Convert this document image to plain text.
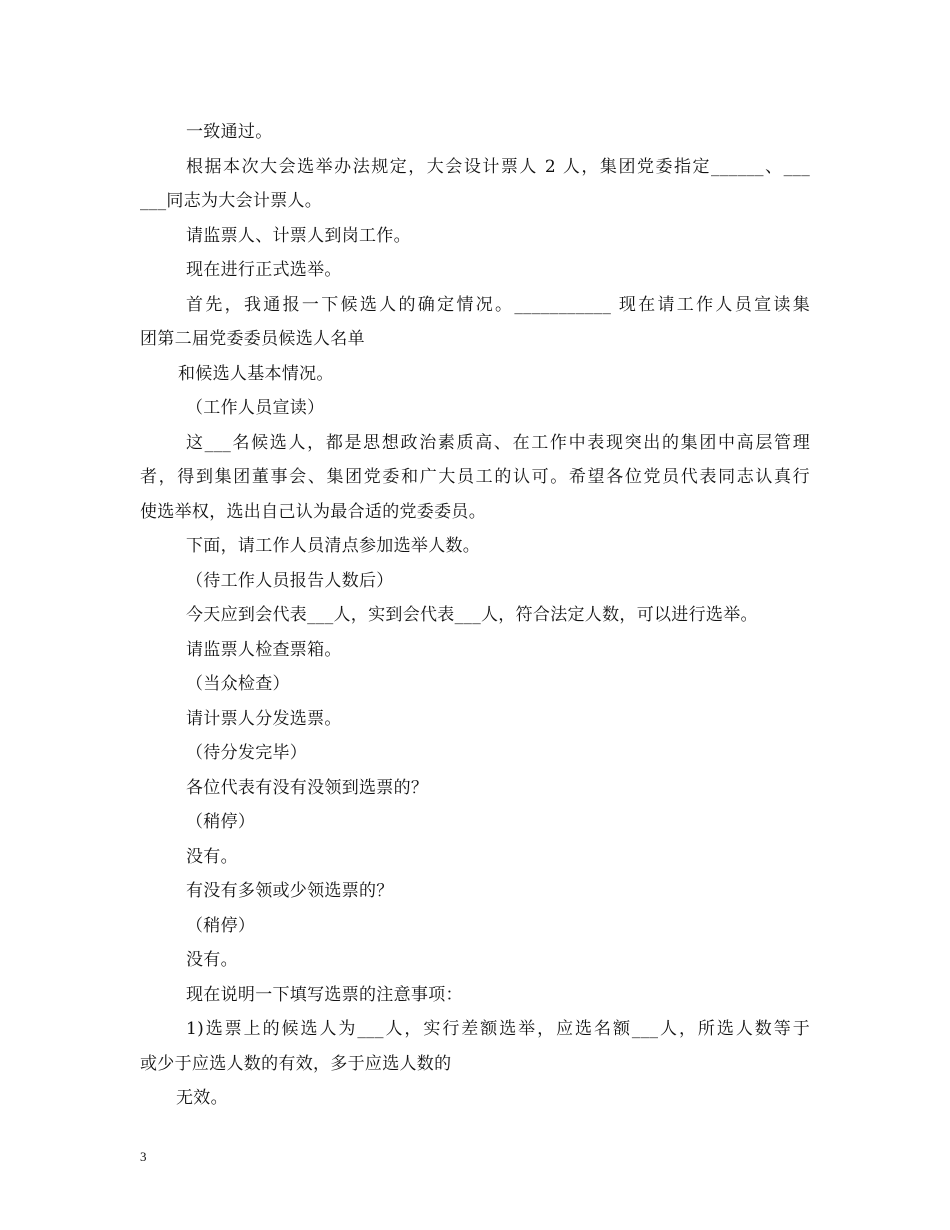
一致通过。
根据本次大会选举办法规定，大会设计票人 2 人，集团党委指定______、___
___同志为大会计票人。
请监票人、计票人到岗工作。
现在进行正式选举。
首先，我通报一下候选人的确定情况。___________ 现在请工作人员宣读集
团第二届党委委员候选人名单
和候选人基本情况。
（工作人员宣读）
这___名候选人，都是思想政治素质高、在工作中表现突出的集团中高层管理
者，得到集团董事会、集团党委和广大员工的认可。希望各位党员代表同志认真行
使选举权，选出自己认为最合适的党委委员。
下面，请工作人员清点参加选举人数。
（待工作人员报告人数后）
今天应到会代表___人，实到会代表___人，符合法定人数，可以进行选举。
请监票人检查票箱。
（当众检查）
请计票人分发选票。
（待分发完毕）
各位代表有没有没领到选票的？
（稍停）
没有。
有没有多领或少领选票的？
（稍停）
没有。
现在说明一下填写选票的注意事项：
1)选票上的候选人为___人，实行差额选举，应选名额___人，所选人数等于
或少于应选人数的有效，多于应选人数的
无效。
3
